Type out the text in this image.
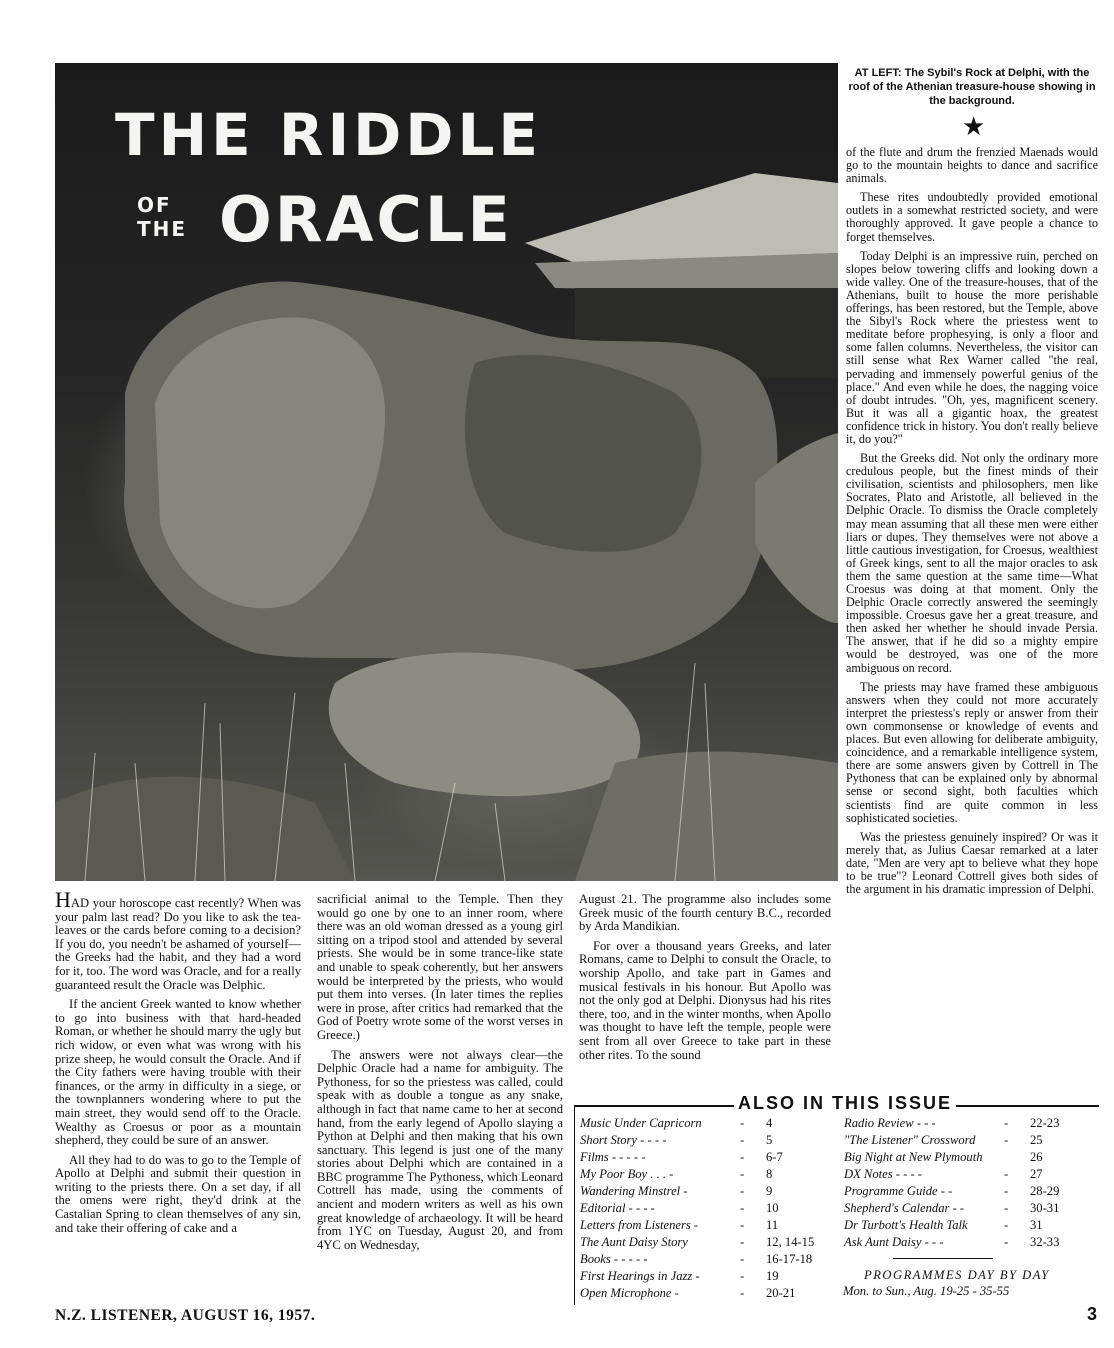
THE RIDDLE
OF
THE ORACLE
AT LEFT: The Sybil's Rock at Delphi, with the roof of the Athenian treasure-house showing in the background.
★

HAD your horoscope cast recently? When was your palm last read? Do you like to ask the tea-leaves or the cards before coming to a decision? If you do, you needn't be ashamed of yourself—the Greeks had the habit, and they had a word for it, too. The word was Oracle, and for a really guaranteed result the Oracle was Delphic.

If the ancient Greek wanted to know whether to go into business with that hard-headed Roman, or whether he should marry the ugly but rich widow, or even what was wrong with his prize sheep, he would consult the Oracle. And if the City fathers were having trouble with their finances, or the army in difficulty in a siege, or the townplanners wondering where to put the main street, they would send off to the Oracle. Wealthy as Croesus or poor as a mountain shepherd, they could be sure of an answer.

All they had to do was to go to the Temple of Apollo at Delphi and submit their question in writing to the priests there. On a set day, if all the omens were right, they'd drink at the Castalian Spring to clean themselves of any sin, and take their offering of cake and a

sacrificial animal to the Temple. Then they would go one by one to an inner room, where there was an old woman dressed as a young girl sitting on a tripod stool and attended by several priests. She would be in some trance-like state and unable to speak coherently, but her answers would be interpreted by the priests, who would put them into verses. (In later times the replies were in prose, after critics had remarked that the God of Poetry wrote some of the worst verses in Greece.)

The answers were not always clear—the Delphic Oracle had a name for ambiguity. The Pythoness, for so the priestess was called, could speak with as double a tongue as any snake, although in fact that name came to her at second hand, from the early legend of Apollo slaying a Python at Delphi and then making that his own sanctuary. This legend is just one of the many stories about Delphi which are contained in a BBC programme The Pythoness, which Leonard Cottrell has made, using the comments of ancient and modern writers as well as his own great knowledge of archaeology. It will be heard from 1YC on Tuesday, August 20, and from 4YC on Wednesday,

August 21. The programme also includes some Greek music of the fourth century B.C., recorded by Arda Mandikian.

For over a thousand years Greeks, and later Romans, came to Delphi to consult the Oracle, to worship Apollo, and take part in Games and musical festivals in his honour. But Apollo was not the only god at Delphi. Dionysus had his rites there, too, and in the winter months, when Apollo was thought to have left the temple, people were sent from all over Greece to take part in these other rites. To the sound

of the flute and drum the frenzied Maenads would go to the mountain heights to dance and sacrifice animals.

These rites undoubtedly provided emotional outlets in a somewhat restricted society, and were thoroughly approved. It gave people a chance to forget themselves.

Today Delphi is an impressive ruin, perched on slopes below towering cliffs and looking down a wide valley. One of the treasure-houses, that of the Athenians, built to house the more perishable offerings, has been restored, but the Temple, above the Sibyl's Rock where the priestess went to meditate before prophesying, is only a floor and some fallen columns. Nevertheless, the visitor can still sense what Rex Warner called "the real, pervading and immensely powerful genius of the place." And even while he does, the nagging voice of doubt intrudes. "Oh, yes, magnificent scenery. But it was all a gigantic hoax, the greatest confidence trick in history. You don't really believe it, do you?"

But the Greeks did. Not only the ordinary more credulous people, but the finest minds of their civilisation, scientists and philosophers, men like Socrates, Plato and Aristotle, all believed in the Delphic Oracle. To dismiss the Oracle completely may mean assuming that all these men were either liars or dupes. They themselves were not above a little cautious investigation, for Croesus, wealthiest of Greek kings, sent to all the major oracles to ask them the same question at the same time—What Croesus was doing at that moment. Only the Delphic Oracle correctly answered the seemingly impossible. Croesus gave her a great treasure, and then asked her whether he should invade Persia. The answer, that if he did so a mighty empire would be destroyed, was one of the more ambiguous on record.

The priests may have framed these ambiguous answers when they could not more accurately interpret the priestess's reply or answer from their own commonsense or knowledge of events and places. But even allowing for deliberate ambiguity, coincidence, and a remarkable intelligence system, there are some answers given by Cottrell in The Pythoness that can be explained only by abnormal sense or second sight, both faculties which scientists find are quite common in less sophisticated societies.

Was the priestess genuinely inspired? Or was it merely that, as Julius Caesar remarked at a later date, "Men are very apt to believe what they hope to be true"? Leonard Cottrell gives both sides of the argument in his dramatic impression of Delphi.

ALSO IN THIS ISSUE
Music Under Capricorn	-	4
Short Story - - - -	-	5
Films - - - - -	-	6-7
My Poor Boy . . . -	-	8
Wandering Minstrel -	-	9
Editorial - - - -	-	10
Letters from Listeners -	-	11
The Aunt Daisy Story	-	12, 14-15
Books - - - - -	-	16-17-18
First Hearings in Jazz -	-	19
Open Microphone -	-	20-21
Radio Review - - -	-	22-23
"The Listener" Crossword	-	25
Big Night at New Plymouth	26
DX Notes - - - -	-	27
Programme Guide - -	-	28-29
Shepherd's Calendar - -	-	30-31
Dr Turbott's Health Talk	-	31
Ask Aunt Daisy - - -	-	32-33
PROGRAMMES DAY BY DAY
Mon. to Sun., Aug. 19-25 - 35-55
N.Z. LISTENER, AUGUST 16, 1957.	3
